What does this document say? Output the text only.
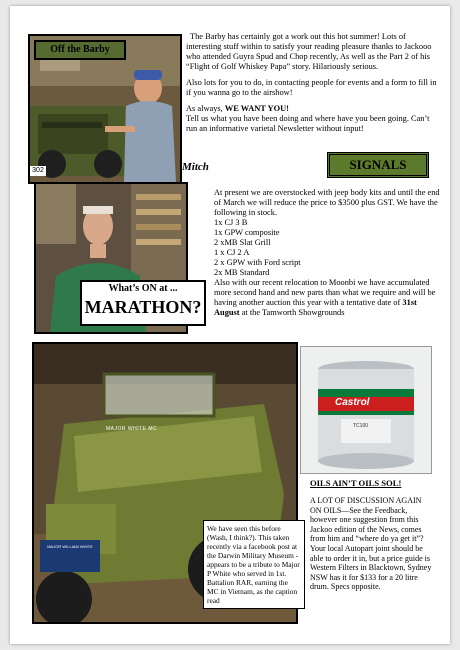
302
Off the Barby

The Barby has certainly got a work out this hot summer! Lots of interesting stuff within to satisfy your reading pleasure thanks to Jackooo who attended Guyra Spud and Chop recently, As well as the Part 2 of his “Flight of Golf Whiskey Papa” story. Hilariously serious.

Also lots for you to do, in contacting people for events and a form to fill in if you wanna go to the airshow!

As always, WE WANT YOU!
Tell us what you have been doing and where have you been going. Can’t run an informative varietal Newsletter without input!

Mitch	SIGNALS
What’s ON at ...
MARATHON?

At present we are overstocked with jeep body kits and until the end of March we will reduce the price to $3500 plus GST. We have the following in stock.

1x CJ 3 B
1x GPW composite
2 xMB Slat Grill
1 x CJ 2 A
2 x GPW with Ford script
2x MB Standard

Also with our recent relocation to Moonbi we have accumulated more second hand and new parts than what we require and will be having another auction this year with a tentative date of 31st August at the Tamworth Showgrounds

MAJOR WHITE MC
MAJOR WILLIAM WHITE
We have seen this before (Wash, I think?). This taken recently via a facebook post at the Darwin Military Museum - appears to be a tribute to Major P White who served in 1st. Battalion RAR, earning the MC in Vietnam, as the caption read
Castrol
TC100
OILS AIN’T OILS SOL!
A LOT OF DISCUSSION AGAIN ON OILS—See the Feedback, however one suggestion from this Jackoo edition of the News, comes from him and “where do ya get it”? Your local Autopart joint should be able to order it in, but a price guide is Western Filters in Blacktown, Sydney NSW has it for $133 for a 20 litre drum. Specs opposite.
